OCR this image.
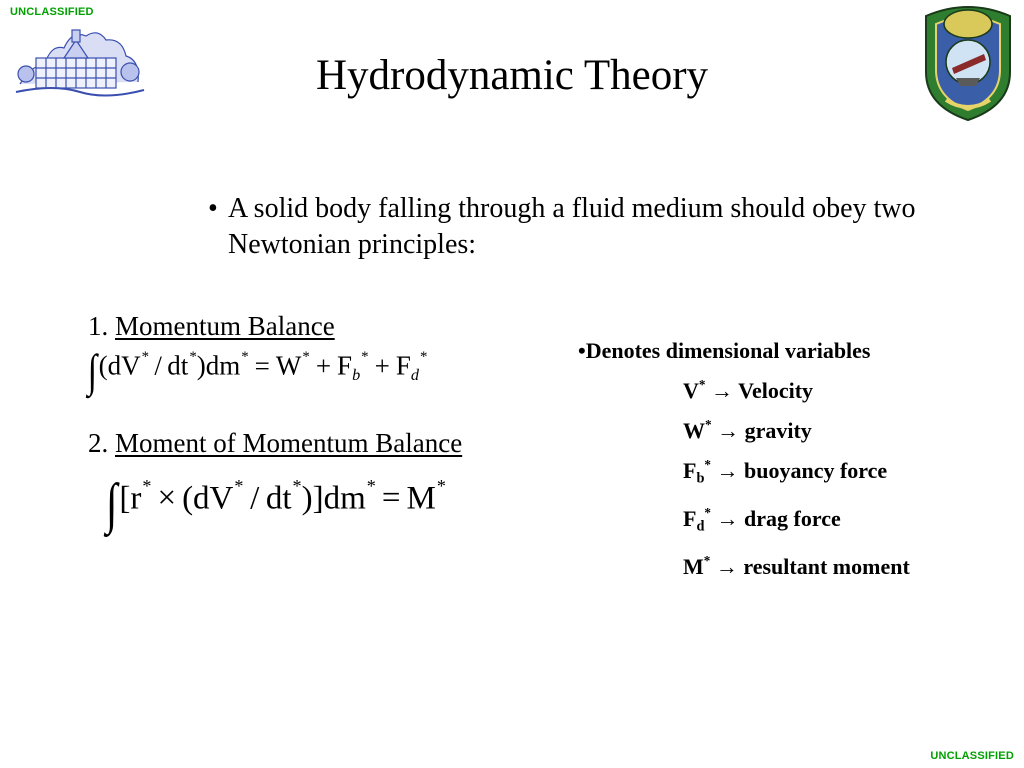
UNCLASSIFIED
Hydrodynamic Theory
• A solid body falling through a fluid medium should obey two Newtonian principles:
1. Momentum Balance
$\int(dV^* / dt^*)dm^* = W^* + F_b^* + F_d^*$
2. Moment of Momentum Balance
∫[r* × (dV* / dt*)]dm* = M*
•Denotes dimensional variables
V* → Velocity
W* → gravity
$F_b^*$ → buoyancy force
$F_d^*$ → drag force
M* → resultant moment
UNCLASSIFIED
